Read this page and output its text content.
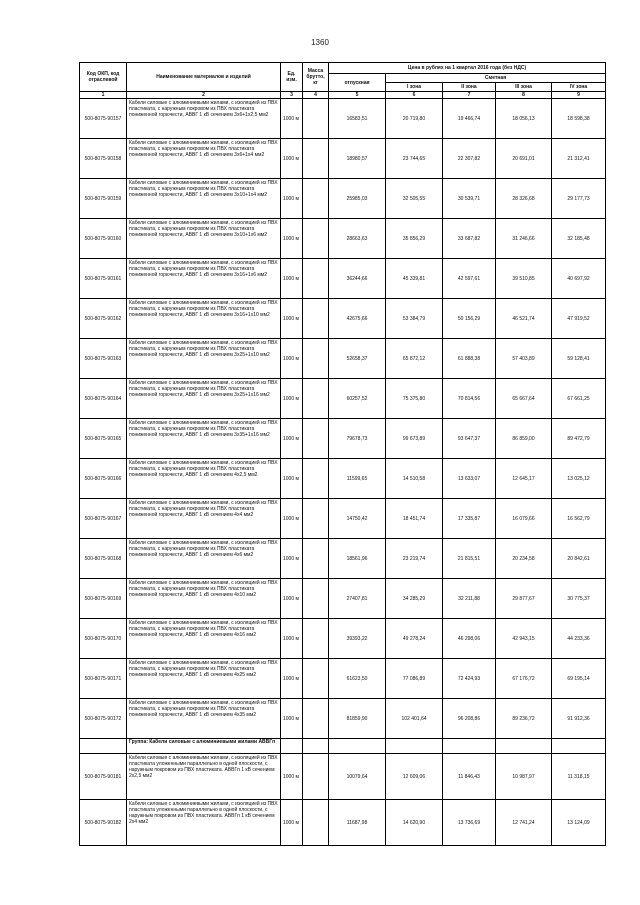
1360
Код ОКП, код отраслевой	Наименование материалов и изделий	Ед. изм.	Масса брутто, кг	Цена в рублях на 1 квартал 2016 года (без НДС)				
				отпускная	Сметная			
					I зона	II зона	III зона	IV зона
1	2	3	4	5	6	7	8	9
500-8075-90157	Кабели силовые с алюминиевыми жилами, с изоляцией из ПВХ пластиката, с наружным покровом из ПВХ пластиката пониженной горючести, АВВГ 1 кВ сечением 3х6+1х2,5 мм2	1000 м		16583,51	20 719,80	19 466,74	18 056,13	18 598,38
500-8075-90158	Кабели силовые с алюминиевыми жилами, с изоляцией из ПВХ пластиката, с наружным покровом из ПВХ пластиката пониженной горючести, АВВГ 1 кВ сечением 3х6+1х4 мм2	1000 м		18980,57	23 744,65	22 307,82	20 691,01	21 312,41
500-8075-90159	Кабели силовые с алюминиевыми жилами, с изоляцией из ПВХ пластиката, с наружным покровом из ПВХ пластиката пониженной горючести, АВВГ 1 кВ сечением 3х10+1х4 мм2	1000 м		25985,03	32 505,55	30 539,71	28 326,68	29 177,73
500-8075-90160	Кабели силовые с алюминиевыми жилами, с изоляцией из ПВХ пластиката, с наружным покровом из ПВХ пластиката пониженной горючести, АВВГ 1 кВ сечением 3х10+1х6 мм2	1000 м		28663,63	35 856,29	33 687,82	31 246,66	32 185,48
500-8075-90161	Кабели силовые с алюминиевыми жилами, с изоляцией из ПВХ пластиката, с наружным покровом из ПВХ пластиката пониженной горючести, АВВГ 1 кВ сечением 3х16+1х6 мм2	1000 м		36244,66	45 339,81	42 597,61	39 510,85	40 697,92
500-8075-90162	Кабели силовые с алюминиевыми жилами, с изоляцией из ПВХ пластиката, с наружным покровом из ПВХ пластиката пониженной горючести, АВВГ 1 кВ сечением 3х16+1х10 мм2	1000 м		42675,66	53 384,79	50 156,29	46 521,74	47 919,52
500-8075-90163	Кабели силовые с алюминиевыми жилами, с изоляцией из ПВХ пластиката, с наружным покровом из ПВХ пластиката пониженной горючести, АВВГ 1 кВ сечением 3х25+1х10 мм2	1000 м		52658,37	65 872,12	61 888,38	57 403,89	59 128,41
500-8075-90164	Кабели силовые с алюминиевыми жилами, с изоляцией из ПВХ пластиката, с наружным покровом из ПВХ пластиката пониженной горючести, АВВГ 1 кВ сечением 3х25+1х16 мм2	1000 м		60257,52	75 375,80	70 814,56	65 667,64	67 661,25
500-8075-90165	Кабели силовые с алюминиевыми жилами, с изоляцией из ПВХ пластиката, с наружным покровом из ПВХ пластиката пониженной горючести, АВВГ 1 кВ сечением 3х35+1х16 мм2	1000 м		79678,73	99 673,89	93 647,37	86 859,00	89 472,79
500-8075-90166	Кабели силовые с алюминиевыми жилами, с изоляцией из ПВХ пластиката, с наружным покровом из ПВХ пластиката пониженной горючести, АВВГ 1 кВ сечением 4х2,5 мм2	1000 м		11599,65	14 510,58	13 633,07	12 645,17	13 025,12
500-8075-90167	Кабели силовые с алюминиевыми жилами, с изоляцией из ПВХ пластиката, с наружным покровом из ПВХ пластиката пониженной горючести, АВВГ 1 кВ сечением 4х4 мм2	1000 м		14750,42	18 451,74	17 335,87	16 079,66	16 562,79
500-8075-90168	Кабели силовые с алюминиевыми жилами, с изоляцией из ПВХ пластиката, с наружным покровом из ПВХ пластиката пониженной горючести, АВВГ 1 кВ сечением 4х6 мм2	1000 м		18561,96	23 219,74	21 815,51	20 234,58	20 842,61
500-8075-90169	Кабели силовые с алюминиевыми жилами, с изоляцией из ПВХ пластиката, с наружным покровом из ПВХ пластиката пониженной горючести, АВВГ 1 кВ сечением 4х10 мм2	1000 м		27407,81	34 285,29	32 211,88	29 877,67	30 775,37
500-8075-90170	Кабели силовые с алюминиевыми жилами, с изоляцией из ПВХ пластиката, с наружным покровом из ПВХ пластиката пониженной горючести, АВВГ 1 кВ сечением 4х16 мм2	1000 м		39393,22	49 278,24	46 298,06	42 943,15	44 233,36
500-8075-90171	Кабели силовые с алюминиевыми жилами, с изоляцией из ПВХ пластиката, с наружным покровом из ПВХ пластиката пониженной горючести, АВВГ 1 кВ сечением 4х25 мм2	1000 м		61623,50	77 086,89	72 424,93	67 176,72	69 195,14
500-8075-90172	Кабели силовые с алюминиевыми жилами, с изоляцией из ПВХ пластиката, с наружным покровом из ПВХ пластиката пониженной горючести, АВВГ 1 кВ сечением 4х35 мм2	1000 м		81859,90	102 401,64	96 208,86	89 236,72	91 912,36
	Группа: Кабели силовые с алюминиевыми жилами АВВГп							
500-8075-90181	Кабели силовые с алюминиевыми жилами, с изоляцией из ПВХ пластиката уложенными параллельно в одной плоскости, с наружным покровом из ПВХ пластиката. АВВГп 1 кВ сечением 2х2,5 мм2	1000 м		10079,64	12 609,06	11 846,43	10 987,97	11 318,15
500-8075-90182	Кабели силовые с алюминиевыми жилами, с изоляцией из ПВХ пластиката уложенными параллельно в одной плоскости, с наружным покровом из ПВХ пластиката. АВВГп 1 кВ сечением 2х4 мм2	1000 м		11687,98	14 620,90	13 736,69	12 741,24	13 124,09
